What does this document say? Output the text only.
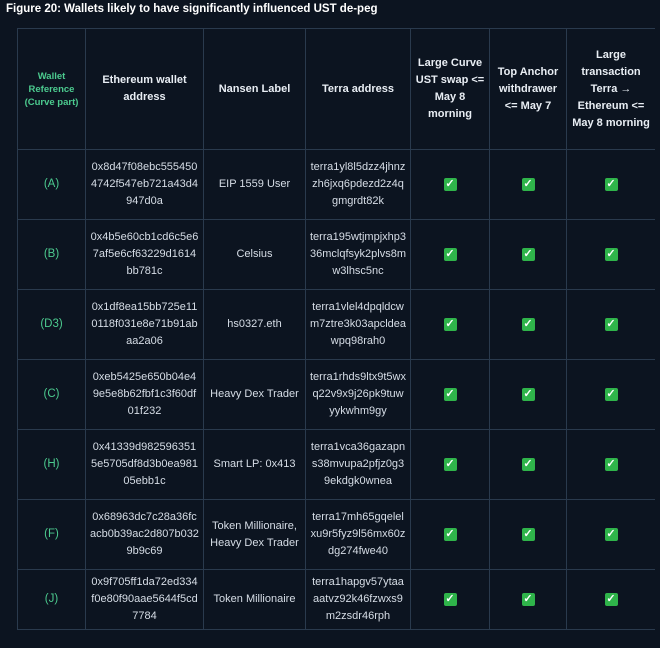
Figure 20: Wallets likely to have significantly influenced UST de-peg
Wallet Reference (Curve part)	Ethereum wallet address	Nansen Label	Terra address	Large Curve UST swap <= May 8 morning	Top Anchor withdrawer <= May 7	Large transaction Terra → Ethereum <= May 8 morning
(A)	0x8d47f08ebc5554504742f547eb721a43d4947d0a	EIP 1559 User	terra1yl8l5dzz4jhnzzh6jxq6pdezd2z4qgmgrdt82k	✓	✓	✓
(B)	0x4b5e60cb1cd6c5e67af5e6cf63229d1614bb781c	Celsius	terra195wtjmpjxhp336mclqfsyk2plvs8mw3lhsc5nc	✓	✓	✓
(D3)	0x1df8ea15bb725e110118f031e8e71b91abaa2a06	hs0327.eth	terra1vlel4dpqldcwm7ztre3k03apcldeawpq98rah0	✓	✓	✓
(C)	0xeb5425e650b04e49e5e8b62fbf1c3f60df01f232	Heavy Dex Trader	terra1rhds9ltx9t5wxq22v9x9j26pk9tuwyykwhm9gy	✓	✓	✓
(H)	0x41339d9825963515e5705df8d3b0ea98105ebb1c	Smart LP: 0x413	terra1vca36gazapns38mvupa2pfjz0g39ekdgk0wnea	✓	✓	✓
(F)	0x68963dc7c28a36fcacb0b39ac2d807b0329b9c69	Token Millionaire, Heavy Dex Trader	terra17mh65gqelelxu9r5fyz9l56mx60zdg274fwe40	✓	✓	✓
(J)	0x9f705ff1da72ed334f0e80f90aae5644f5cd7784	Token Millionaire	terra1hapgv57ytaaaatvz92k46fzwxs9m2zsdr46rph	✓	✓	✓
